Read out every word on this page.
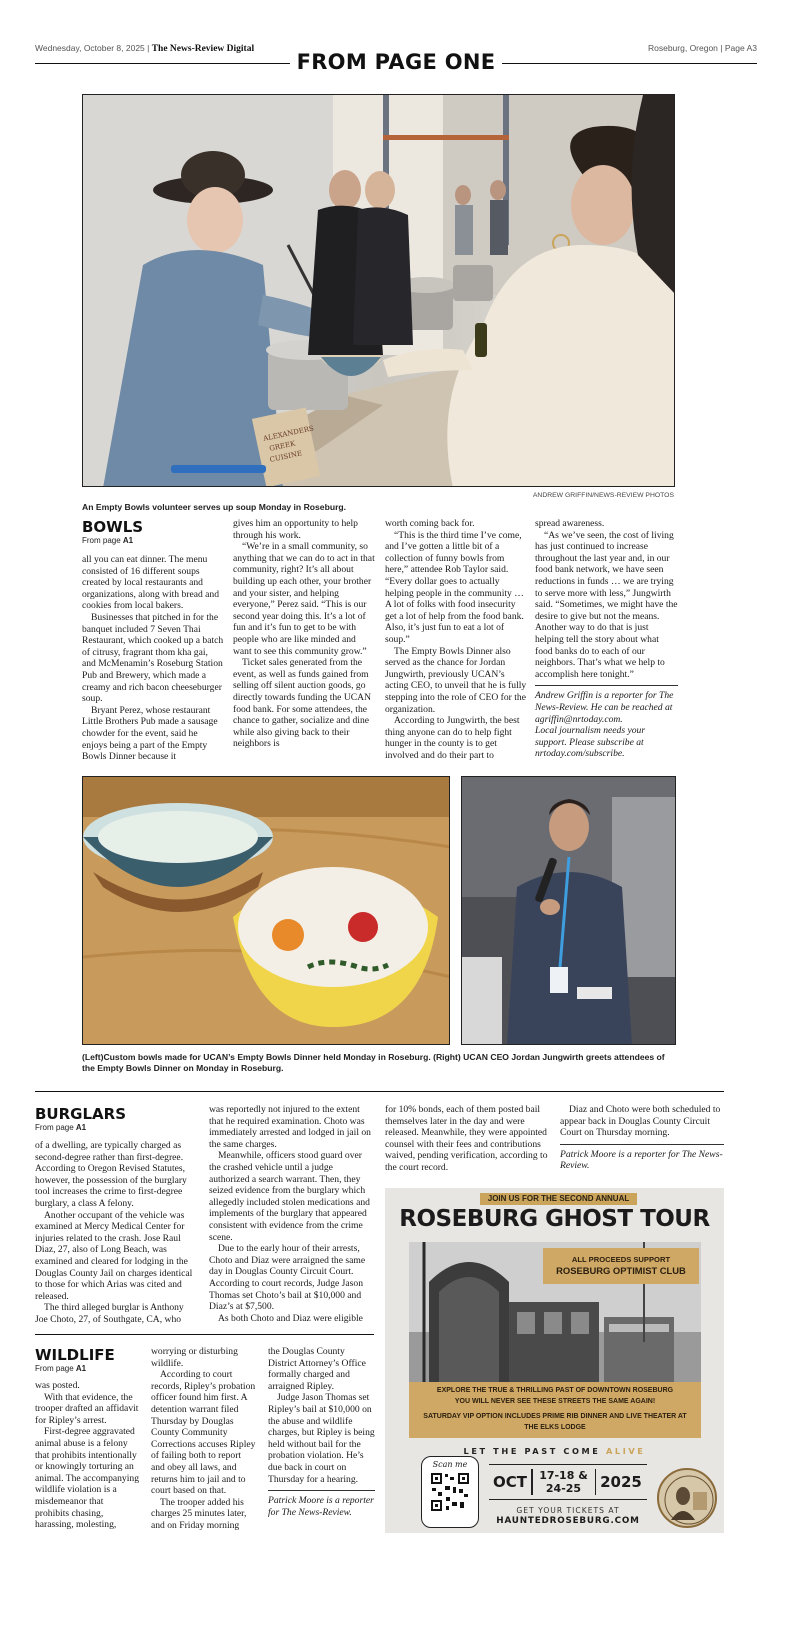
Wednesday, October 8, 2025 | The News-Review Digital	Roseburg, Oregon | Page A3
FROM PAGE ONE
ALEXANDERS
GREEK
CUISINE
ANDREW GRIFFIN/NEWS-REVIEW PHOTOS
An Empty Bowls volunteer serves up soup Monday in Roseburg.
BOWLS
From page A1

all you can eat dinner. The menu consisted of 16 different soups created by local restaurants and organizations, along with bread and cookies from local bakers.

Businesses that pitched in for the banquet included 7 Seven Thai Restaurant, which cooked up a batch of citrusy, fragrant thom kha gai, and McMenamin’s Roseburg Station Pub and Brewery, which made a creamy and rich bacon cheeseburger soup.

Bryant Perez, whose restaurant Little Brothers Pub made a sausage chowder for the event, said he enjoys being a part of the Empty Bowls Dinner because it

gives him an opportunity to help through his work.

“We’re in a small community, so anything that we can do to act in that community, right? It’s all about building up each other, your brother and your sister, and helping everyone,” Perez said. “This is our second year doing this. It’s a lot of fun and it’s fun to get to be with people who are like minded and want to see this community grow.”

Ticket sales generated from the event, as well as funds gained from selling off silent auction goods, go directly towards funding the UCAN food bank. For some attendees, the chance to gather, socialize and dine while also giving back to their neighbors is

worth coming back for.

“This is the third time I’ve come, and I’ve gotten a little bit of a collection of funny bowls from here,” attendee Rob Taylor said. “Every dollar goes to actually helping people in the community … A lot of folks with food insecurity get a lot of help from the food bank. Also, it’s just fun to eat a lot of soup.”

The Empty Bowls Dinner also served as the chance for Jordan Jungwirth, previously UCAN’s acting CEO, to unveil that he is fully stepping into the role of CEO for the organization.

According to Jungwirth, the best thing anyone can do to help fight hunger in the county is to get involved and do their part to

spread awareness.

“As we’ve seen, the cost of living has just continued to increase throughout the last year and, in our food bank network, we have seen reductions in funds … we are trying to serve more with less,” Jungwirth said. “Sometimes, we might have the desire to give but not the means. Another way to do that is just helping tell the story about what food banks do to each of our neighbors. That’s what we help to accomplish here tonight.”

Andrew Griffin is a reporter for The News-Review. He can be reached at agriffin@nrtoday.com.

Local journalism needs your support. Please subscribe at nrtoday.com/subscribe.

(Left)Custom bowls made for UCAN’s Empty Bowls Dinner held Monday in Roseburg. (Right) UCAN CEO Jordan Jungwirth greets attendees of the Empty Bowls Dinner on Monday in Roseburg.
BURGLARS
From page A1

of a dwelling, are typically charged as second-degree rather than first-degree. According to Oregon Revised Statutes, however, the possession of the burglary tool increases the crime to first-degree burglary, a class A felony.

Another occupant of the vehicle was examined at Mercy Medical Center for injuries related to the crash. Jose Raul Diaz, 27, also of Long Beach, was examined and cleared for lodging in the Douglas County Jail on charges identical to those for which Arias was cited and released.

The third alleged burglar is Anthony Joe Choto, 27, of Southgate, CA, who

was reportedly not injured to the extent that he required examination. Choto was immediately arrested and lodged in jail on the same charges.

Meanwhile, officers stood guard over the crashed vehicle until a judge authorized a search warrant. Then, they seized evidence from the burglary which allegedly included stolen medications and implements of the burglary that appeared consistent with evidence from the crime scene.

Due to the early hour of their arrests, Choto and Diaz were arraigned the same day in Douglas County Circuit Court. According to court records, Judge Jason Thomas set Choto’s bail at $10,000 and Diaz’s at $7,500.

As both Choto and Diaz were eligible

for 10% bonds, each of them posted bail themselves later in the day and were released. Meanwhile, they were appointed counsel with their fees and contributions waived, pending verification, according to the court record.

Diaz and Choto were both scheduled to appear back in Douglas County Circuit Court on Thursday morning.

Patrick Moore is a reporter for The News-Review.

WILDLIFE
From page A1

was posted.

With that evidence, the trooper drafted an affidavit for Ripley’s arrest.

First-degree aggravated animal abuse is a felony that prohibits intentionally or knowingly torturing an animal. The accompanying wildlife violation is a misdemeanor that prohibits chasing, harassing, molesting,

worrying or disturbing wildlife.

According to court records, Ripley’s probation officer found him first. A detention warrant filed Thursday by Douglas County Community Corrections accuses Ripley of failing both to report and obey all laws, and returns him to jail and to court based on that.

The trooper added his charges 25 minutes later, and on Friday morning

the Douglas County District Attorney’s Office formally charged and arraigned Ripley.

Judge Jason Thomas set Ripley’s bail at $10,000 on the abuse and wildlife charges, but Ripley is being held without bail for the probation violation. He’s due back in court on Thursday for a hearing.

Patrick Moore is a reporter for The News-Review.

JOIN US FOR THE SECOND ANNUAL
ROSEBURG GHOST TOUR
ALL PROCEEDS SUPPORT
ROSEBURG OPTIMIST CLUB
EXPLORE THE TRUE & THRILLING PAST OF DOWNTOWN ROSEBURG
YOU WILL NEVER SEE THESE STREETS THE SAME AGAIN!
SATURDAY VIP OPTION INCLUDES PRIME RIB DINNER AND LIVE THEATER AT
THE ELKS LODGE
LET THE PAST COME ALIVE
Scan me
OCT	17-18 &
24-25	2025
GET YOUR TICKETS AT
HAUNTEDROSEBURG.COM
